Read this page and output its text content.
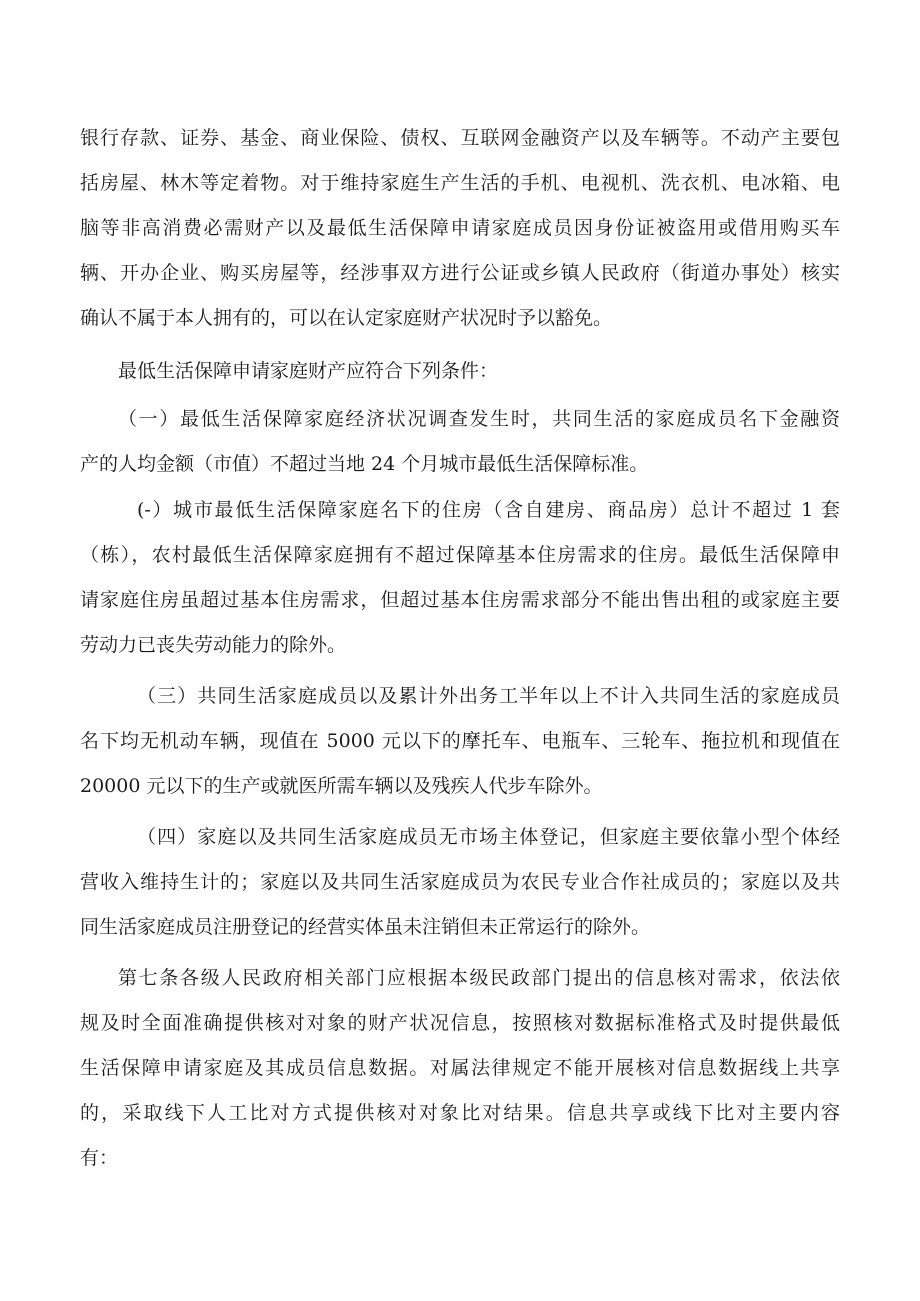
银行存款、证券、基金、商业保险、债权、互联网金融资产以及车辆等。不动产主要包
括房屋、林木等定着物。对于维持家庭生产生活的手机、电视机、洗衣机、电冰箱、电
脑等非高消费必需财产以及最低生活保障申请家庭成员因身份证被盗用或借用购买车
辆、开办企业、购买房屋等，经涉事双方进行公证或乡镇人民政府（街道办事处）核实
确认不属于本人拥有的，可以在认定家庭财产状况时予以豁免。
最低生活保障申请家庭财产应符合下列条件：
（一）最低生活保障家庭经济状况调查发生时，共同生活的家庭成员名下金融资
产的人均金额（市值）不超过当地 24 个月城市最低生活保障标准。
(-）城市最低生活保障家庭名下的住房（含自建房、商品房）总计不超过 1 套
（栋），农村最低生活保障家庭拥有不超过保障基本住房需求的住房。最低生活保障申
请家庭住房虽超过基本住房需求，但超过基本住房需求部分不能出售出租的或家庭主要
劳动力已丧失劳动能力的除外。
（三）共同生活家庭成员以及累计外出务工半年以上不计入共同生活的家庭成员
名下均无机动车辆，现值在 5000 元以下的摩托车、电瓶车、三轮车、拖拉机和现值在
20000 元以下的生产或就医所需车辆以及残疾人代步车除外。
（四）家庭以及共同生活家庭成员无市场主体登记，但家庭主要依靠小型个体经
营收入维持生计的；家庭以及共同生活家庭成员为农民专业合作社成员的；家庭以及共
同生活家庭成员注册登记的经营实体虽未注销但未正常运行的除外。
第七条各级人民政府相关部门应根据本级民政部门提出的信息核对需求，依法依
规及时全面准确提供核对对象的财产状况信息，按照核对数据标准格式及时提供最低
生活保障申请家庭及其成员信息数据。对属法律规定不能开展核对信息数据线上共享
的，采取线下人工比对方式提供核对对象比对结果。信息共享或线下比对主要内容
有：
